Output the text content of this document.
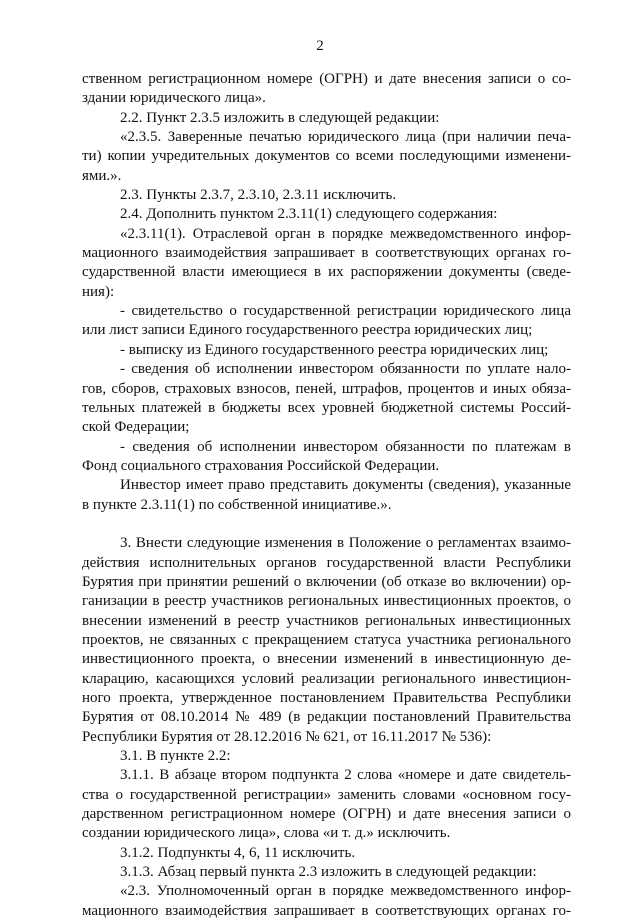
2
ственном регистрационном номере (ОГРН) и дате внесения записи о со-
здании юридического лица».
2.2. Пункт 2.3.5 изложить в следующей редакции:
«2.3.5. Заверенные печатью юридического лица (при наличии печа-
ти) копии учредительных документов со всеми последующими изменени-
ями.».
2.3. Пункты 2.3.7, 2.3.10, 2.3.11 исключить.
2.4. Дополнить пунктом 2.3.11(1) следующего содержания:
«2.3.11(1). Отраслевой орган в порядке межведомственного инфор-
мационного взаимодействия запрашивает в соответствующих органах го-
сударственной власти имеющиеся в их распоряжении документы (сведе-
ния):
- свидетельство о государственной регистрации юридического лица
или лист записи Единого государственного реестра юридических лиц;
- выписку из Единого государственного реестра юридических лиц;
- сведения об исполнении инвестором обязанности по уплате нало-
гов, сборов, страховых взносов, пеней, штрафов, процентов и иных обяза-
тельных платежей в бюджеты всех уровней бюджетной системы Россий-
ской Федерации;
- сведения об исполнении инвестором обязанности по платежам в
Фонд социального страхования Российской Федерации.
Инвестор имеет право представить документы (сведения), указанные
в пункте 2.3.11(1) по собственной инициативе.».
3. Внести следующие изменения в Положение о регламентах взаимо-
действия исполнительных органов государственной власти Республики
Бурятия при принятии решений о включении (об отказе во включении) ор-
ганизации в реестр участников региональных инвестиционных проектов, о
внесении изменений в реестр участников региональных инвестиционных
проектов, не связанных с прекращением статуса участника регионального
инвестиционного проекта, о внесении изменений в инвестиционную де-
кларацию, касающихся условий реализации регионального инвестицион-
ного проекта, утвержденное постановлением Правительства Республики
Бурятия от 08.10.2014 № 489 (в редакции постановлений Правительства
Республики Бурятия от 28.12.2016 № 621, от 16.11.2017 № 536):
3.1. В пункте 2.2:
3.1.1. В абзаце втором подпункта 2 слова «номере и дате свидетель-
ства о государственной регистрации» заменить словами «основном госу-
дарственном регистрационном номере (ОГРН) и дате внесения записи о
создании юридического лица», слова «и т. д.» исключить.
3.1.2. Подпункты 4, 6, 11 исключить.
3.1.3. Абзац первый пункта 2.3 изложить в следующей редакции:
«2.3. Уполномоченный орган в порядке межведомственного инфор-
мационного взаимодействия запрашивает в соответствующих органах го-
